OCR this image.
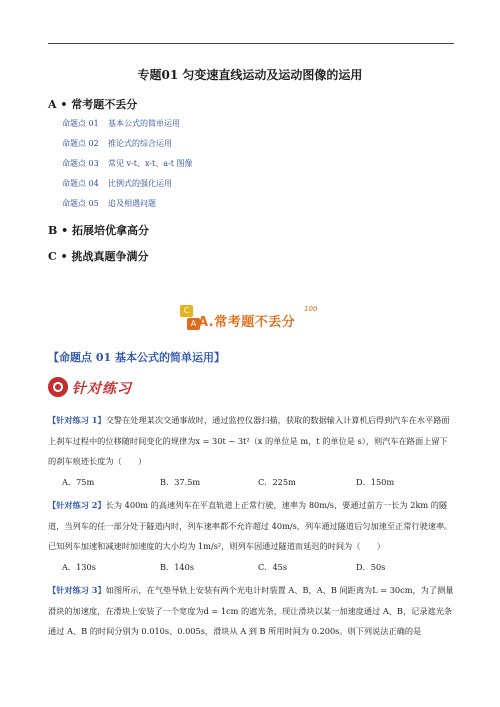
专题01 匀变速直线运动及运动图像的运用
A • 常考题不丢分
命题点 01 基本公式的简单运用
命题点 02 推论式的综合运用
命题点 03 常见 v-t、x-t、a-t 图像
命题点 04 比例式的强化运用
命题点 05 追及相遇问题
B • 拓展培优拿高分
C • 挑战真题争满分
C
A A.常考题不丢分
100
【命题点 01 基本公式的简单运用】
针对练习
【针对练习 1】交警在处理某次交通事故时，通过监控仪器扫描，获取的数据输入计算机后得到汽车在水平路面上刹车过程中的位移随时间变化的规律为x = 30t − 3t²（x 的单位是 m，t 的单位是 s），则汽车在路面上留下的刹车痕迹长度为（　　）
A．75m	B．37.5m	C．225m	D．150m
【针对练习 2】长为 400m 的高速列车在平直轨道上正常行驶，速率为 80m/s，要通过前方一长为 2km 的隧道，当列车的任一部分处于隧道内时，列车速率都不允许超过 40m/s，列车通过隧道后匀加速至正常行驶速率。已知列车加速和减速时加速度的大小均为 1m/s²，则列车因通过隧道而延迟的时间为（　　）
A．130s	B．140s	C．45s	D．50s
【针对练习 3】如图所示，在气垫导轨上安装有两个光电计时装置 A、B，A、B 间距离为L = 30cm，为了测量滑块的加速度，在滑块上安装了一个宽度为d = 1cm 的遮光条，现让滑块以某一加速度通过 A、B，记录遮光条通过 A、B 的时间分别为 0.010s、0.005s，滑块从 A 到 B 所用时间为 0.200s。则下列说法正确的是
